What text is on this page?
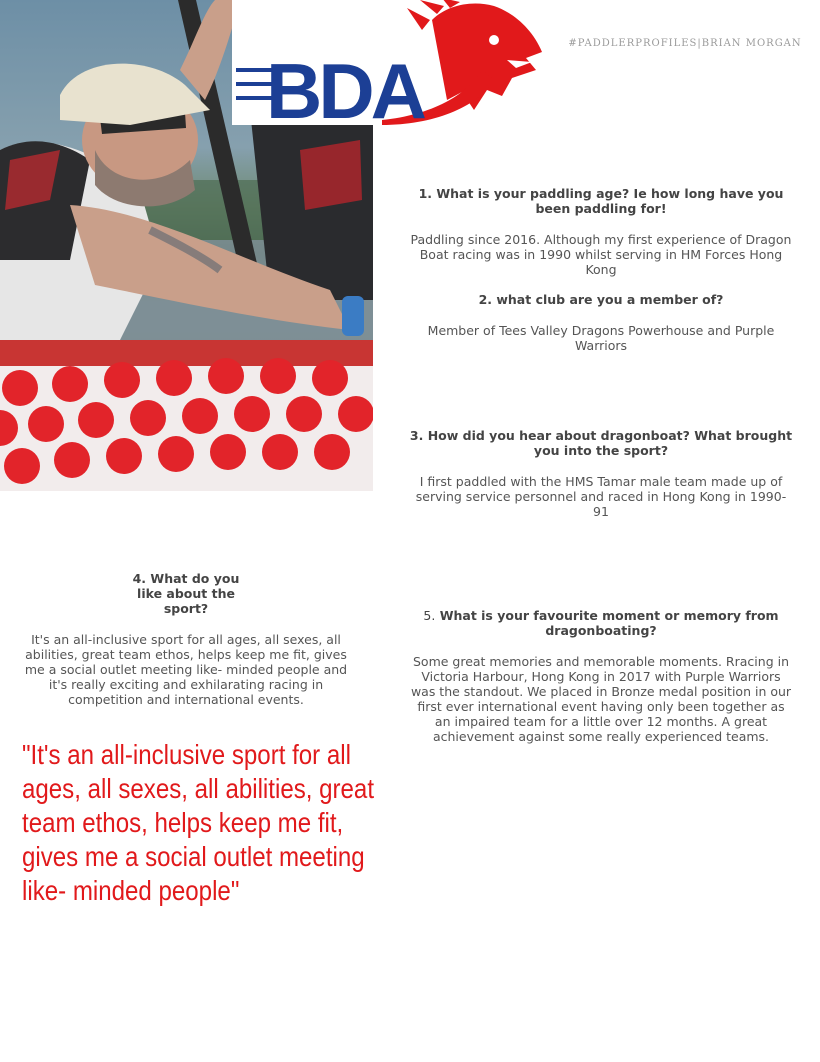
BDA
#PADDLERPROFILES|BRIAN MORGAN

1. What is your paddling age? Ie how long have you been paddling for!

Paddling since 2016. Although my first experience of Dragon Boat racing was in 1990 whilst serving in HM Forces Hong Kong

2. what club are you a member of?

Member of Tees Valley Dragons Powerhouse and Purple Warriors

3. How did you hear about dragonboat? What brought you into the sport?

I first paddled with the HMS Tamar male team made up of serving service personnel and raced in Hong Kong in 1990-91

4. What do you like about the sport?

It's an all-inclusive sport for all ages, all sexes, all abilities, great team ethos, helps keep me fit, gives me a social outlet meeting like- minded people and it's really exciting and exhilarating racing in competition and international events.

5. What is your favourite moment or memory from dragonboating?

Some great memories and memorable moments. Rracing in Victoria Harbour, Hong Kong in 2017 with Purple Warriors was the standout. We placed in Bronze medal position in our first ever international event having only been together as an impaired team for a little over 12 months. A great achievement against some really experienced teams.

"It's an all-inclusive sport for all ages, all sexes, all abilities, great team ethos, helps keep me fit, gives me a social outlet meeting like- minded people"
